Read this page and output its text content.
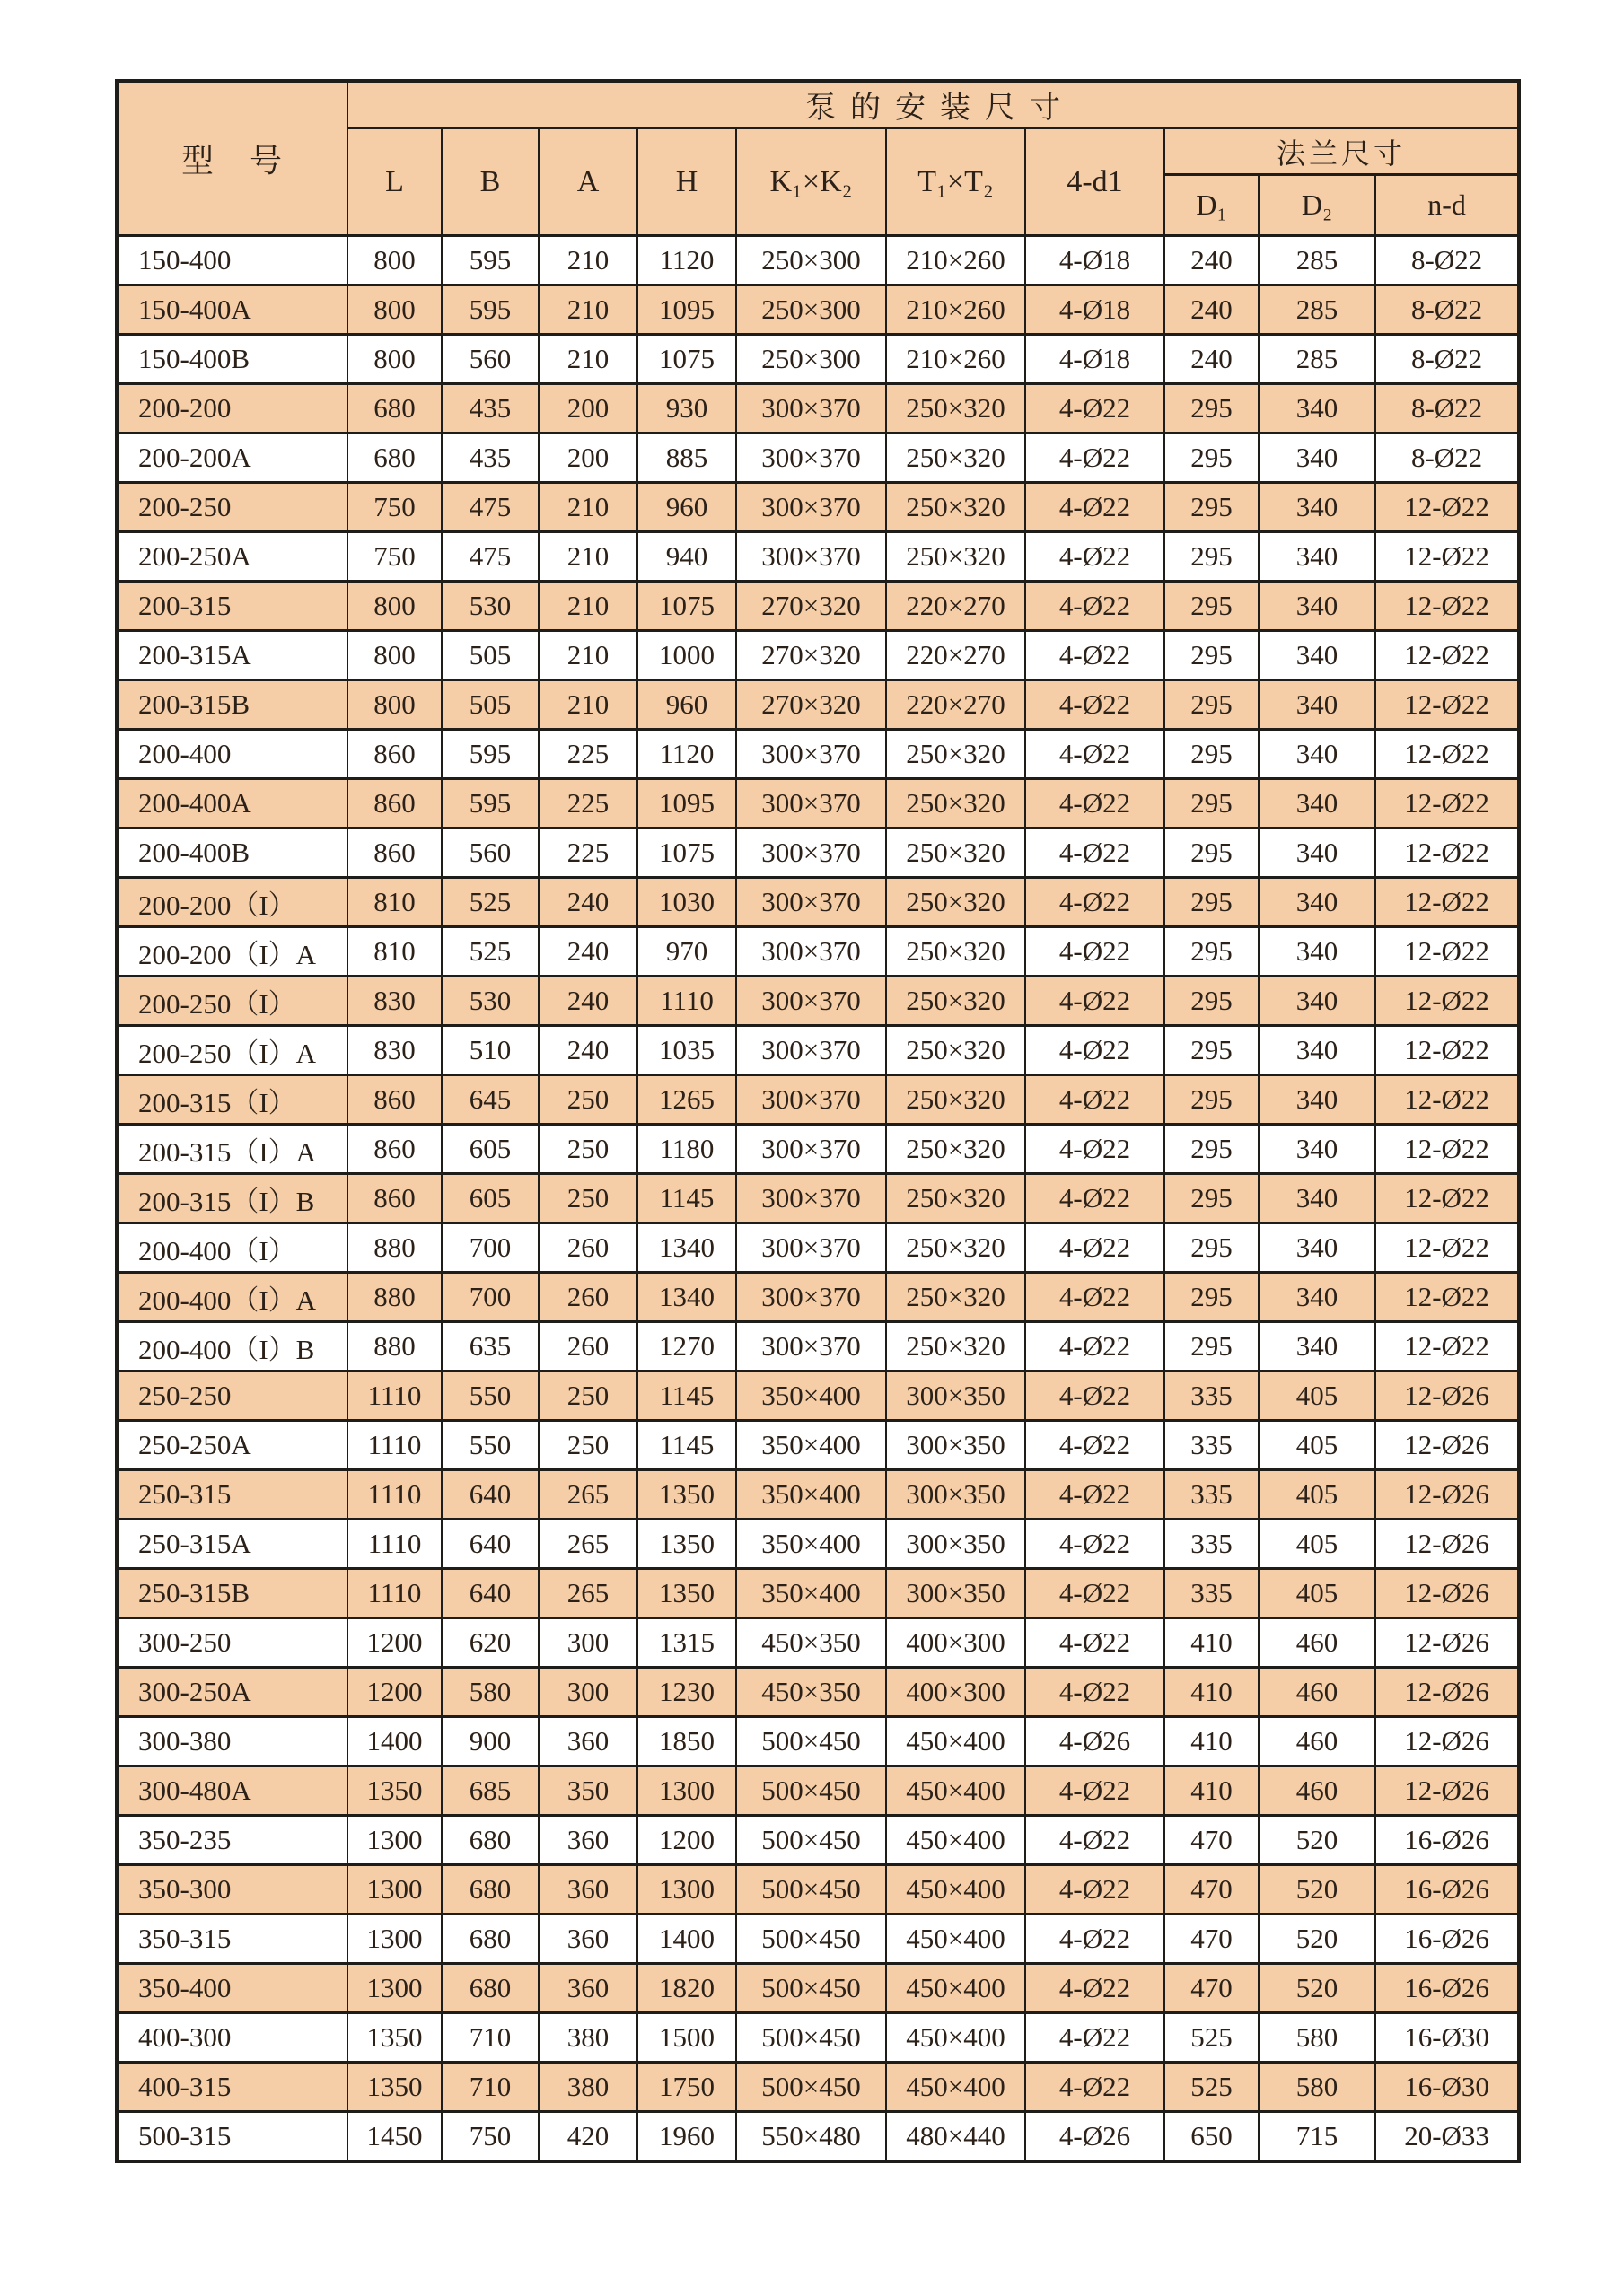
型　号	泵的安装尺寸									
	L	B	A	H	K₁×K₂	T₁×T₂	4-d1	法兰尺寸		
								D₁	D₂	n-d
150-400	800	595	210	1120	250×300	210×260	4-Ø18	240	285	8-Ø22
150-400A	800	595	210	1095	250×300	210×260	4-Ø18	240	285	8-Ø22
150-400B	800	560	210	1075	250×300	210×260	4-Ø18	240	285	8-Ø22
200-200	680	435	200	930	300×370	250×320	4-Ø22	295	340	8-Ø22
200-200A	680	435	200	885	300×370	250×320	4-Ø22	295	340	8-Ø22
200-250	750	475	210	960	300×370	250×320	4-Ø22	295	340	12-Ø22
200-250A	750	475	210	940	300×370	250×320	4-Ø22	295	340	12-Ø22
200-315	800	530	210	1075	270×320	220×270	4-Ø22	295	340	12-Ø22
200-315A	800	505	210	1000	270×320	220×270	4-Ø22	295	340	12-Ø22
200-315B	800	505	210	960	270×320	220×270	4-Ø22	295	340	12-Ø22
200-400	860	595	225	1120	300×370	250×320	4-Ø22	295	340	12-Ø22
200-400A	860	595	225	1095	300×370	250×320	4-Ø22	295	340	12-Ø22
200-400B	860	560	225	1075	300×370	250×320	4-Ø22	295	340	12-Ø22
200-200（I）	810	525	240	1030	300×370	250×320	4-Ø22	295	340	12-Ø22
200-200（I）A	810	525	240	970	300×370	250×320	4-Ø22	295	340	12-Ø22
200-250（I）	830	530	240	1110	300×370	250×320	4-Ø22	295	340	12-Ø22
200-250（I）A	830	510	240	1035	300×370	250×320	4-Ø22	295	340	12-Ø22
200-315（I）	860	645	250	1265	300×370	250×320	4-Ø22	295	340	12-Ø22
200-315（I）A	860	605	250	1180	300×370	250×320	4-Ø22	295	340	12-Ø22
200-315（I）B	860	605	250	1145	300×370	250×320	4-Ø22	295	340	12-Ø22
200-400（I）	880	700	260	1340	300×370	250×320	4-Ø22	295	340	12-Ø22
200-400（I）A	880	700	260	1340	300×370	250×320	4-Ø22	295	340	12-Ø22
200-400（I）B	880	635	260	1270	300×370	250×320	4-Ø22	295	340	12-Ø22
250-250	1110	550	250	1145	350×400	300×350	4-Ø22	335	405	12-Ø26
250-250A	1110	550	250	1145	350×400	300×350	4-Ø22	335	405	12-Ø26
250-315	1110	640	265	1350	350×400	300×350	4-Ø22	335	405	12-Ø26
250-315A	1110	640	265	1350	350×400	300×350	4-Ø22	335	405	12-Ø26
250-315B	1110	640	265	1350	350×400	300×350	4-Ø22	335	405	12-Ø26
300-250	1200	620	300	1315	450×350	400×300	4-Ø22	410	460	12-Ø26
300-250A	1200	580	300	1230	450×350	400×300	4-Ø22	410	460	12-Ø26
300-380	1400	900	360	1850	500×450	450×400	4-Ø26	410	460	12-Ø26
300-480A	1350	685	350	1300	500×450	450×400	4-Ø22	410	460	12-Ø26
350-235	1300	680	360	1200	500×450	450×400	4-Ø22	470	520	16-Ø26
350-300	1300	680	360	1300	500×450	450×400	4-Ø22	470	520	16-Ø26
350-315	1300	680	360	1400	500×450	450×400	4-Ø22	470	520	16-Ø26
350-400	1300	680	360	1820	500×450	450×400	4-Ø22	470	520	16-Ø26
400-300	1350	710	380	1500	500×450	450×400	4-Ø22	525	580	16-Ø30
400-315	1350	710	380	1750	500×450	450×400	4-Ø22	525	580	16-Ø30
500-315	1450	750	420	1960	550×480	480×440	4-Ø26	650	715	20-Ø33
